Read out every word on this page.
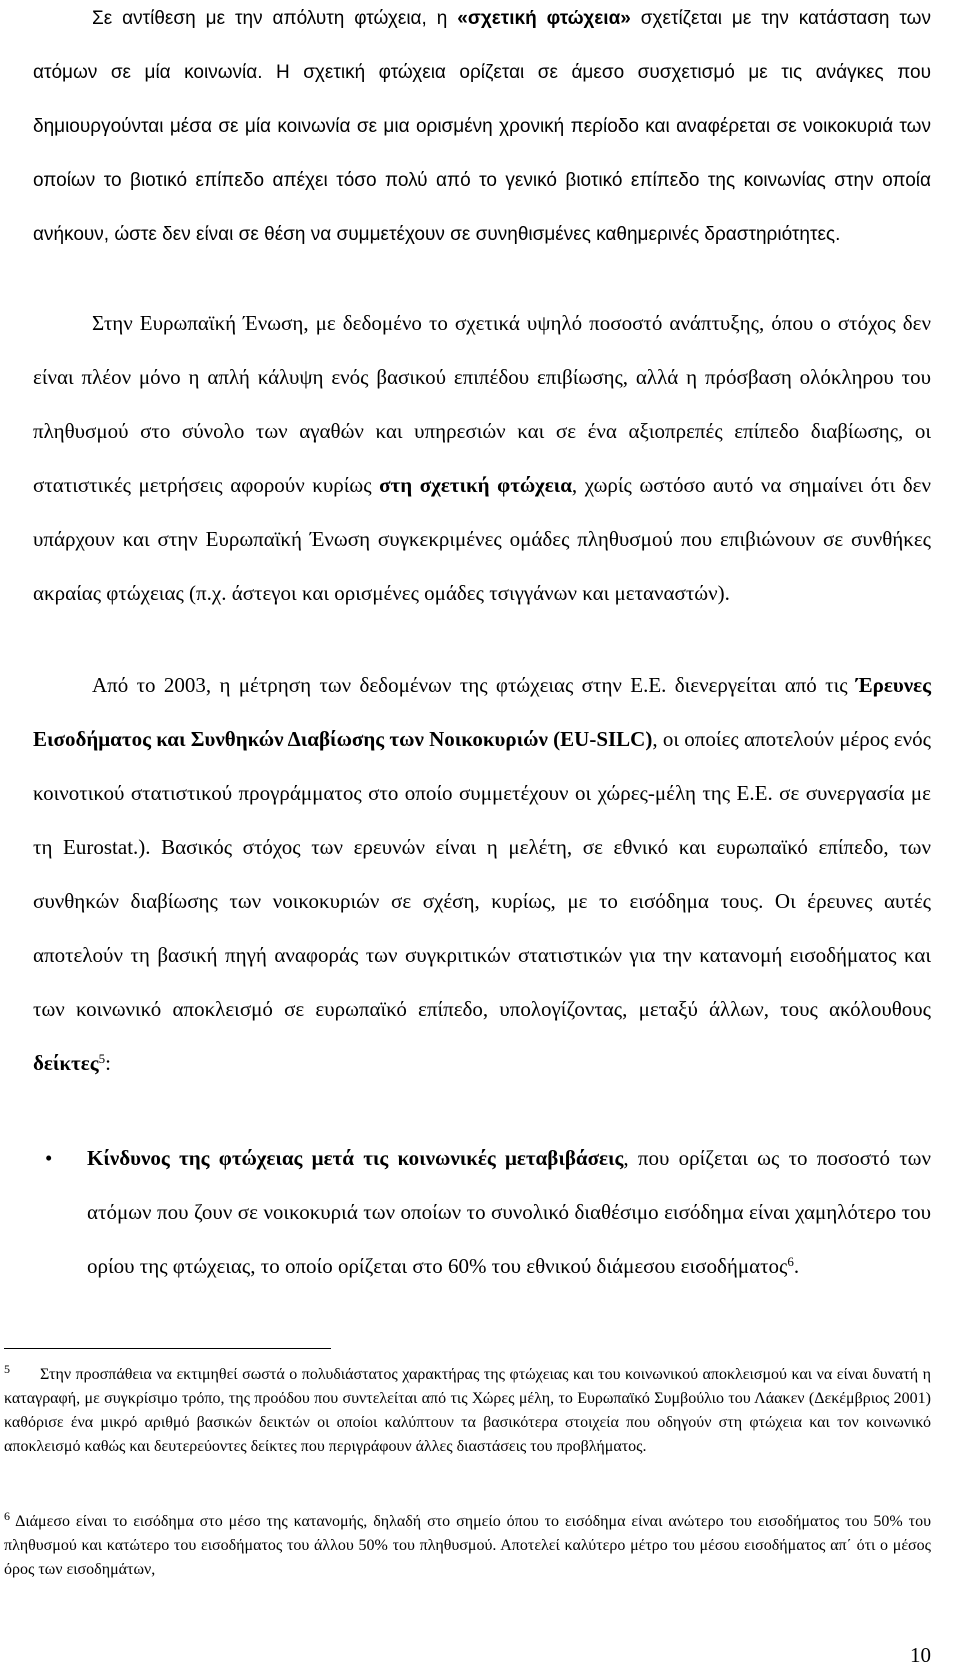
Σε αντίθεση με την απόλυτη φτώχεια, η «σχετική φτώχεια» σχετίζεται με την κατάσταση των ατόμων σε μία κοινωνία. Η σχετική φτώχεια ορίζεται σε άμεσο συσχετισμό με τις ανάγκες που δημιουργούνται μέσα σε μία κοινωνία σε μια ορισμένη χρονική περίοδο και αναφέρεται σε νοικοκυριά των οποίων το βιοτικό επίπεδο απέχει τόσο πολύ από το γενικό βιοτικό επίπεδο της κοινωνίας στην οποία ανήκουν, ώστε δεν είναι σε θέση να συμμετέχουν σε συνηθισμένες καθημερινές δραστηριότητες.

Στην Ευρωπαϊκή Ένωση, με δεδομένο το σχετικά υψηλό ποσοστό ανάπτυξης, όπου ο στόχος δεν είναι πλέον μόνο η απλή κάλυψη ενός βασικού επιπέδου επιβίωσης, αλλά η πρόσβαση ολόκληρου του πληθυσμού στο σύνολο των αγαθών και υπηρεσιών και σε ένα αξιοπρεπές επίπεδο διαβίωσης, οι στατιστικές μετρήσεις αφορούν κυρίως στη σχετική φτώχεια, χωρίς ωστόσο αυτό να σημαίνει ότι δεν υπάρχουν και στην Ευρωπαϊκή Ένωση συγκεκριμένες ομάδες πληθυσμού που επιβιώνουν σε συνθήκες ακραίας φτώχειας (π.χ. άστεγοι και ορισμένες ομάδες τσιγγάνων και μεταναστών).

Από το 2003, η μέτρηση των δεδομένων της φτώχειας στην Ε.Ε. διενεργείται από τις Έρευνες Εισοδήματος και Συνθηκών Διαβίωσης των Νοικοκυριών (EU-SILC), οι οποίες αποτελούν μέρος ενός κοινοτικού στατιστικού προγράμματος στο οποίο συμμετέχουν οι χώρες-μέλη της Ε.Ε. σε συνεργασία με τη Eurostat.). Βασικός στόχος των ερευνών είναι η μελέτη, σε εθνικό και ευρωπαϊκό επίπεδο, των συνθηκών διαβίωσης των νοικοκυριών σε σχέση, κυρίως, με το εισόδημα τους. Οι έρευνες αυτές αποτελούν τη βασική πηγή αναφοράς των συγκριτικών στατιστικών για την κατανομή εισοδήματος και των κοινωνικό αποκλεισμό σε ευρωπαϊκό επίπεδο, υπολογίζοντας, μεταξύ άλλων, τους ακόλουθους δείκτες$^5$:

• Κίνδυνος της φτώχειας μετά τις κοινωνικές μεταβιβάσεις, που ορίζεται ως το ποσοστό των ατόμων που ζουν σε νοικοκυριά των οποίων το συνολικό διαθέσιμο εισόδημα είναι χαμηλότερο του ορίου της φτώχειας, το οποίο ορίζεται στο 60% του εθνικού διάμεσου εισοδήματος$^6$.

$^5$ Στην προσπάθεια να εκτιμηθεί σωστά ο πολυδιάστατος χαρακτήρας της φτώχειας και του κοινωνικού αποκλεισμού και να είναι δυνατή η καταγραφή, με συγκρίσιμο τρόπο, της προόδου που συντελείται από τις Χώρες μέλη, το Ευρωπαϊκό Συμβούλιο του Λάακεν (Δεκέμβριος 2001) καθόρισε ένα μικρό αριθμό βασικών δεικτών οι οποίοι καλύπτουν τα βασικότερα στοιχεία που οδηγούν στη φτώχεια και τον κοινωνικό αποκλεισμό καθώς και δευτερεύοντες δείκτες που περιγράφουν άλλες διαστάσεις του προβλήματος.

$^6$ Διάμεσο είναι το εισόδημα στο μέσο της κατανομής, δηλαδή στο σημείο όπου το εισόδημα είναι ανώτερο του εισοδήματος του 50% του πληθυσμού και κατώτερο του εισοδήματος του άλλου 50% του πληθυσμού. Αποτελεί καλύτερο μέτρο του μέσου εισοδήματος απ΄ ότι ο μέσος όρος των εισοδημάτων,

10
